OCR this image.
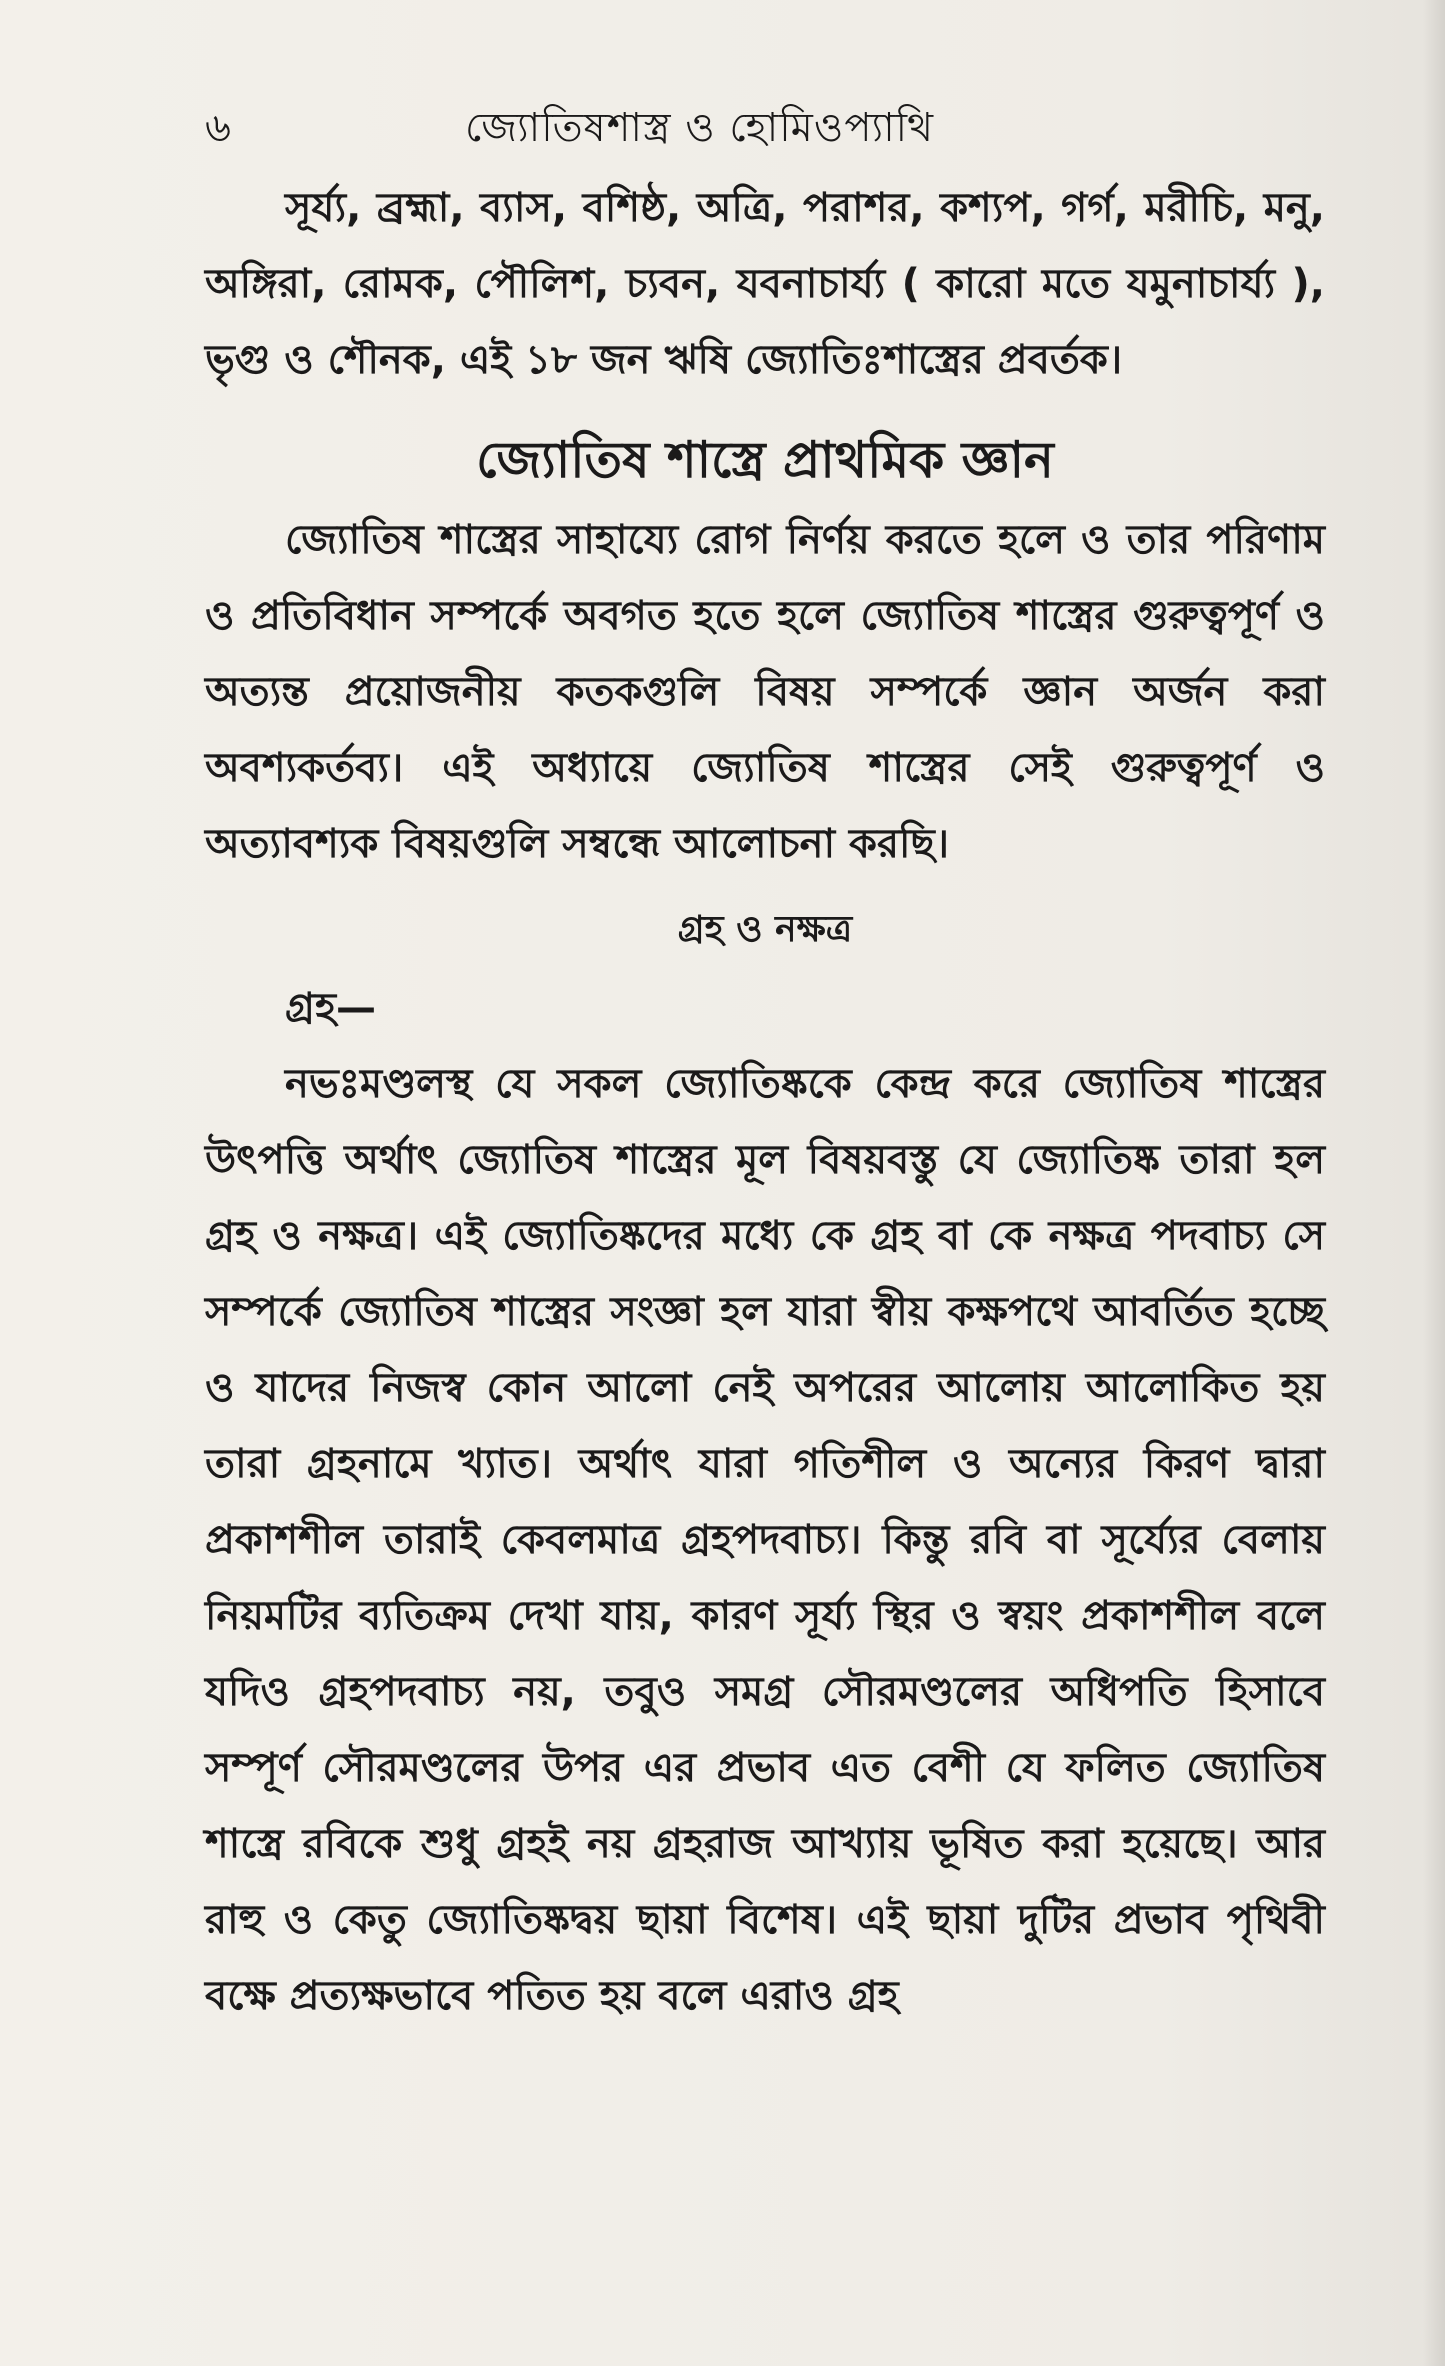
৬	জ্যোতিষশাস্ত্র ও হোমিওপ্যাথি

সূর্য্য, ব্রহ্মা, ব্যাস, বশিষ্ঠ, অত্রি, পরাশর, কশ্যপ, গর্গ, মরীচি, মনু, অঙ্গিরা, রোমক, পৌলিশ, চ্যবন, যবনাচার্য্য ( কারো মতে যমুনাচার্য্য ), ভৃগু ও শৌনক, এই ১৮ জন ঋষি জ্যোতিঃশাস্ত্রের প্রবর্তক।

জ্যোতিষ শাস্ত্রে প্রাথমিক জ্ঞান

জ্যোতিষ শাস্ত্রের সাহায্যে রোগ নির্ণয় করতে হলে ও তার পরিণাম ও প্রতিবিধান সম্পর্কে অবগত হতে হলে জ্যোতিষ শাস্ত্রের গুরুত্বপূর্ণ ও অত্যন্ত প্রয়োজনীয় কতকগুলি বিষয় সম্পর্কে জ্ঞান অর্জন করা অবশ্যকর্তব্য। এই অধ্যায়ে জ্যোতিষ শাস্ত্রের সেই গুরুত্বপূর্ণ ও অত্যাবশ্যক বিষয়গুলি সম্বন্ধে আলোচনা করছি।

গ্রহ ও নক্ষত্র
গ্রহ—

নভঃমণ্ডলস্থ যে সকল জ্যোতিষ্ককে কেন্দ্র করে জ্যোতিষ শাস্ত্রের উৎপত্তি অর্থাৎ জ্যোতিষ শাস্ত্রের মূল বিষয়বস্তু যে জ্যোতিষ্ক তারা হল গ্রহ ও নক্ষত্র। এই জ্যোতিষ্কদের মধ্যে কে গ্রহ বা কে নক্ষত্র পদবাচ্য সে সম্পর্কে জ্যোতিষ শাস্ত্রের সংজ্ঞা হল যারা স্বীয় কক্ষপথে আবর্তিত হচ্ছে ও যাদের নিজস্ব কোন আলো নেই অপরের আলোয় আলোকিত হয় তারা গ্রহনামে খ্যাত। অর্থাৎ যারা গতিশীল ও অন্যের কিরণ দ্বারা প্রকাশশীল তারাই কেবলমাত্র গ্রহপদবাচ্য। কিন্তু রবি বা সূর্য্যের বেলায় নিয়মটির ব্যতিক্রম দেখা যায়, কারণ সূর্য্য স্থির ও স্বয়ং প্রকাশশীল বলে যদিও গ্রহপদবাচ্য নয়, তবুও সমগ্র সৌরমণ্ডলের অধিপতি হিসাবে সম্পূর্ণ সৌরমণ্ডলের উপর এর প্রভাব এত বেশী যে ফলিত জ্যোতিষ শাস্ত্রে রবিকে শুধু গ্রহই নয় গ্রহরাজ আখ্যায় ভূষিত করা হয়েছে। আর রাহু ও কেতু জ্যোতিষ্কদ্বয় ছায়া বিশেষ। এই ছায়া দুটির প্রভাব পৃথিবী বক্ষে প্রত্যক্ষভাবে পতিত হয় বলে এরাও গ্রহ
